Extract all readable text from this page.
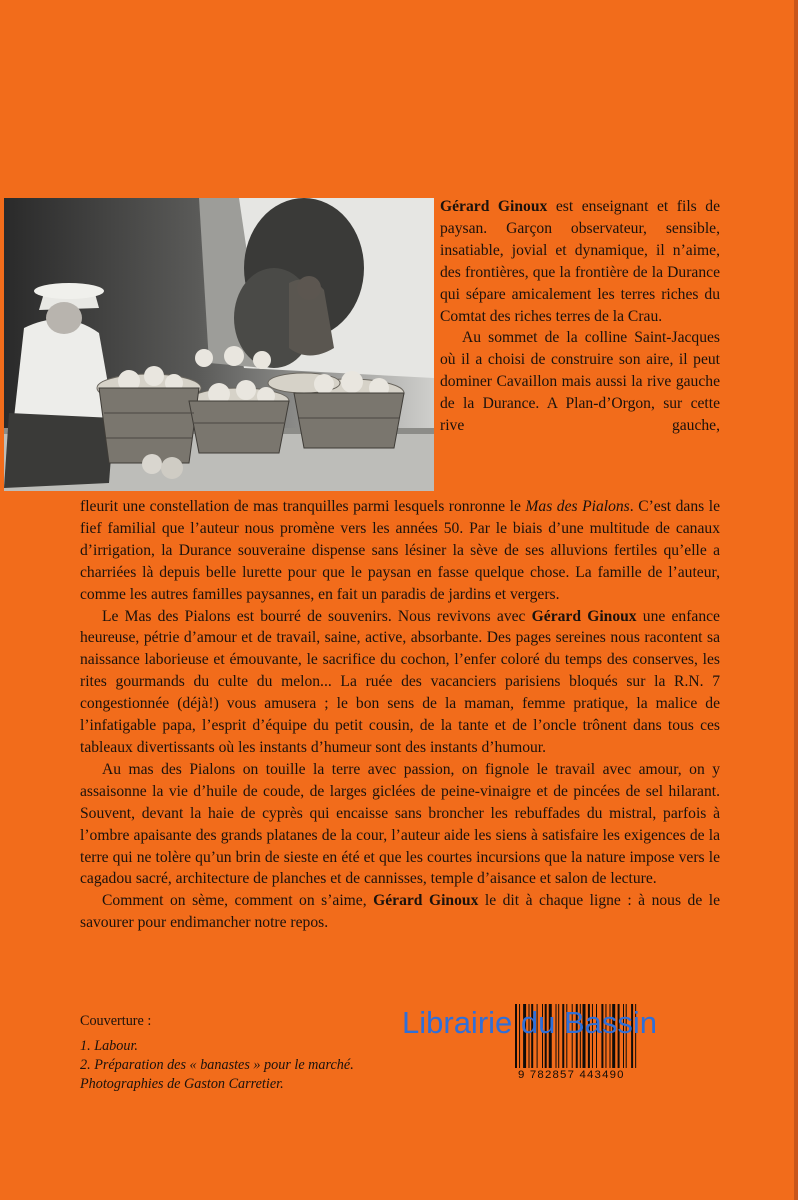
Gérard Ginoux est enseignant et fils de paysan. Garçon observateur, sensible, insatiable, jovial et dynamique, il n’aime, des frontières, que la frontière de la Durance qui sépare amicalement les terres riches du Comtat des riches terres de la Crau.

Au sommet de la colline Saint-Jacques où il a choisi de construire son aire, il peut dominer Cavaillon mais aussi la rive gauche de la Durance. A Plan-d’Orgon, sur cette rive gauche,

fleurit une constellation de mas tranquilles parmi lesquels ronronne le Mas des Pialons. C’est dans le fief familial que l’auteur nous promène vers les années 50. Par le biais d’une multitude de canaux d’irrigation, la Durance souveraine dispense sans lésiner la sève de ses alluvions fertiles qu’elle a charriées là depuis belle lurette pour que le paysan en fasse quelque chose. La famille de l’auteur, comme les autres familles paysannes, en fait un paradis de jardins et vergers.

Le Mas des Pialons est bourré de souvenirs. Nous revivons avec Gérard Ginoux une enfance heureuse, pétrie d’amour et de travail, saine, active, absorbante. Des pages sereines nous racontent sa naissance laborieuse et émouvante, le sacrifice du cochon, l’enfer coloré du temps des conserves, les rites gourmands du culte du melon... La ruée des vacanciers parisiens bloqués sur la R.N. 7 congestionnée (déjà!) vous amusera ; le bon sens de la maman, femme pratique, la malice de l’infatigable papa, l’esprit d’équipe du petit cousin, de la tante et de l’oncle trônent dans tous ces tableaux divertissants où les instants d’humeur sont des instants d’humour.

Au mas des Pialons on touille la terre avec passion, on fignole le travail avec amour, on y assaisonne la vie d’huile de coude, de larges giclées de peine-vinaigre et de pincées de sel hilarant. Souvent, devant la haie de cyprès qui encaisse sans broncher les rebuffades du mistral, parfois à l’ombre apaisante des grands platanes de la cour, l’auteur aide les siens à satisfaire les exigences de la terre qui ne tolère qu’un brin de sieste en été et que les courtes incursions que la nature impose vers le cagadou sacré, architecture de planches et de cannisses, temple d’aisance et salon de lecture.

Comment on sème, comment on s’aime, Gérard Ginoux le dit à chaque ligne : à nous de le savourer pour endimancher notre repos.

Couverture :
1. Labour.
2. Préparation des « banastes » pour le marché.
Photographies de Gaston Carretier.
9 782857 443490
Librairie du Bassin
